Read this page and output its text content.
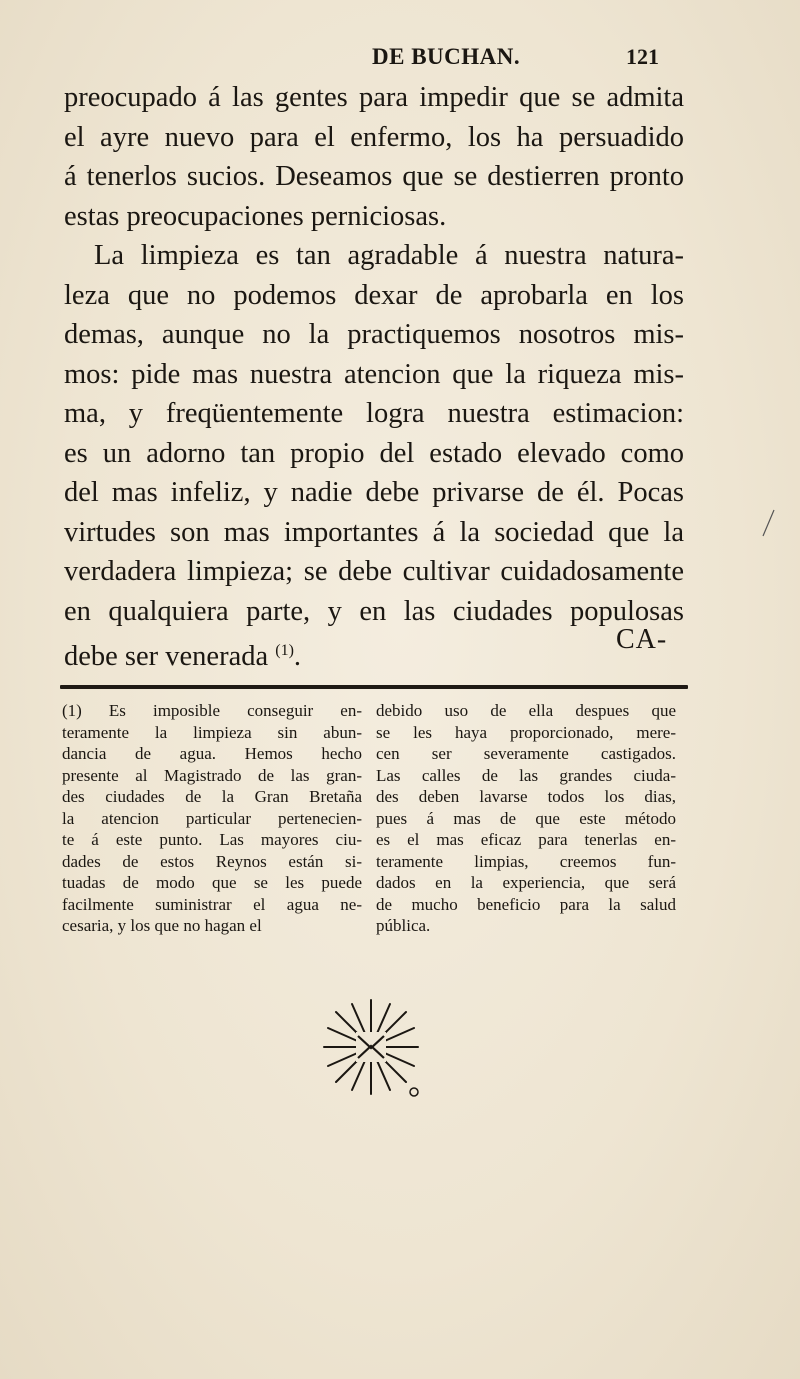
DE BUCHAN.	121
preocupado á las gentes para impedir que se admita
el ayre nuevo para el enfermo, los ha persuadido
á tenerlos sucios. Deseamos que se destierren pronto
estas preocupaciones perniciosas.
La limpieza es tan agradable á nuestra natura-
leza que no podemos dexar de aprobarla en los
demas, aunque no la practiquemos nosotros mis-
mos: pide mas nuestra atencion que la riqueza mis-
ma, y freqüentemente logra nuestra estimacion:
es un adorno tan propio del estado elevado como
del mas infeliz, y nadie debe privarse de él. Pocas
virtudes son mas importantes á la sociedad que la
verdadera limpieza; se debe cultivar cuidadosamente
en qualquiera parte, y en las ciudades populosas
debe ser venerada $^{(1)}$.
CA-
(1) Es imposible conseguir en-
teramente la limpieza sin abun-
dancia de agua. Hemos hecho
presente al Magistrado de las gran-
des ciudades de la Gran Bretaña
la atencion particular pertenecien-
te á este punto. Las mayores ciu-
dades de estos Reynos están si-
tuadas de modo que se les puede
facilmente suministrar el agua ne-
cesaria, y los que no hagan el
debido uso de ella despues que
se les haya proporcionado, mere-
cen ser severamente castigados.
Las calles de las grandes ciuda-
des deben lavarse todos los dias,
pues á mas de que este método
es el mas eficaz para tenerlas en-
teramente limpias, creemos fun-
dados en la experiencia, que será
de mucho beneficio para la salud
pública.
